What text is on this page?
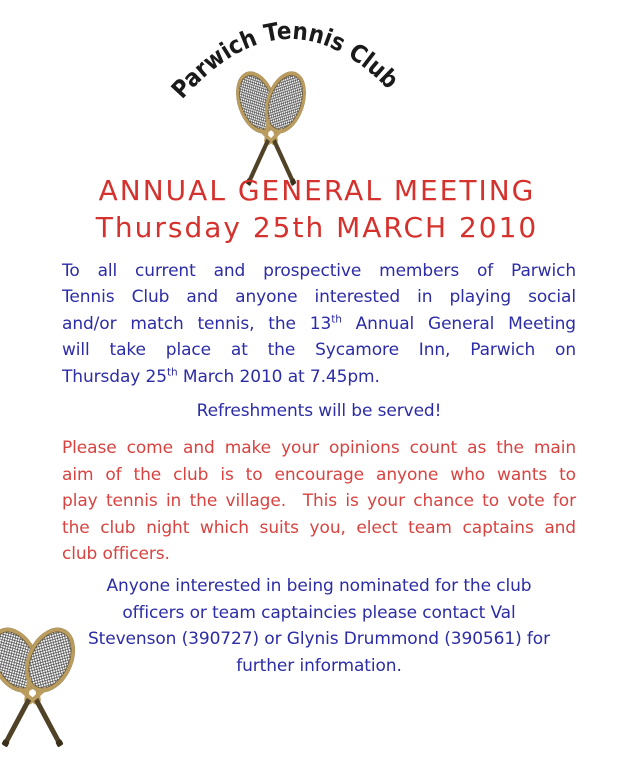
Parwich Tennis Club
ANNUAL GENERAL MEETING
Thursday 25th MARCH 2010
To all current and prospective members of Parwich
Tennis Club and anyone interested in playing social
and/or match tennis, the 13th Annual General Meeting
will take place at the Sycamore Inn, Parwich on
Thursday 25th March 2010 at 7.45pm.
Refreshments will be served!
Please come and make your opinions count as the main
aim of the club is to encourage anyone who wants to
play tennis in the village.  This is your chance to vote for
the club night which suits you, elect team captains and
club officers.
Anyone interested in being nominated for the club
officers or team captaincies please contact Val
Stevenson (390727) or Glynis Drummond (390561) for
further information.
